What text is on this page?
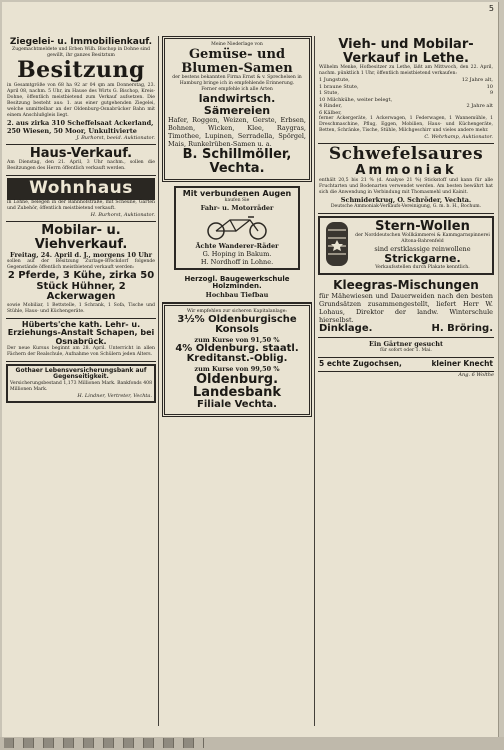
5
Ziegelei- u. Immobilienkauf.
Zugemachtmeldete und Erben Wilh. Bischop in Dohne sind gewillt, ihr ganzes Besitztum
Besitzung
in Gesamtgröße von 68 ha 92 ar 04 qm am Donnerstag, 23. April 08, nachm. 5 Uhr, im Hause des Wirts G. Bischop, Kreis-Dohne, öffentlich meistbietend zum Verkauf aufsetzen. Die Besitzung besteht aus: 1. aus einer gutgehenden Ziegelei, welche unmittelbar an der Oldenburg-Osnabrücker Bahn mit einem Anschlußgleis liegt.
2. aus zirka 310 Scheffelsaat Ackerland, 250 Wiesen, 50 Moor, Unkultivierte
J. Burhorst, beeid. Auktionator.
Haus-Verkauf.
Am Dienstag, den 21. April, 3 Uhr nachm., sollen die Besitzungen des Herrn öffentlich verkauft werden.
Wohnhaus
in Lohne, belegen in der Bahnhofstraße, mit Scheune, Garten und Zubehör, öffentlich meistbietend verkauft.
H. Burhorst, Auktionator.
Mobilar- u. Viehverkauf.
Freitag, 24. April d. J., morgens 10 Uhr
sollen auf der Besitzung Zurlage-Brockdorf folgende Gegenstände öffentlich meistbietend verkauft werden:
2 Pferde, 3 Kühe, zirka 50 Stück Hühner, 2 Ackerwagen
sowie Mobiliar, 1 Bettstelle, 1 Schrank, 1 Sofa, Tische und Stühle, Haus- und Küchengeräte.
Hüberts'che kath. Lehr- u. Erziehungs-Anstalt Schapen, bei Osnabrück.
Der neue Kursus beginnt am 28. April. Unterricht in allen Fächern der Realschule, Aufnahme von Schülern jeden Alters.
Gothaer Lebensversicherungsbank auf Gegenseitigkeit.
Versicherungsbestand 1,173 Millionen Mark. Bankfonds 408 Millionen Mark.
H. Lindner, Vertreter, Vechta.
Meine Niederlage von
Gemüse- und
Blumen-Samen
der bestens bekannten Firma Ernst & v. Sprechelsen in Hamburg bringe ich in empfehlende Erinnerung.
Ferner empfehle ich alle Arten
landwirtsch. Sämereien
Hafer, Roggen, Weizen, Gerste, Erbsen, Bohnen, Wicken, Klee, Raygras, Timothee, Lupinen, Serradella, Spörgel, Mais, Runkelrüben-Samen u. a.
B. Schillmöller, Vechta.
Mit verbundenen Augen
kaufen Sie
Fahr- u. Motorräder
Ächte Wanderer-Räder
G. Hoping in Bakum.
H. Nordhoff in Lohne.
Herzogl. Baugewerkschule Holzminden.
Hochbau Tiefbau
Wir empfehlen zur sicheren Kapitalanlage:
3½% Oldenburgische Konsols
zum Kurse von 91,50 %
4% Oldenburg. staatl. Kreditanst.-Oblig.
zum Kurse von 99,50 %
Oldenburg. Landesbank
Filiale Vechta.
Vieh- und Mobilar-Verkauf in Lethe.
Wilhelm Menke, Hofbesitzer zu Lethe, läßt am Mittwoch, den 22. April, nachm. pünktlich 1 Uhr, öffentlich meistbietend verkaufen:
1 Jungstute,	12 Jahre alt,
1 braune Stute,	10
1 Stute,	9
10 Milchkühe, weiter belegt,
4 Rinder,	2 Jahre alt
6 Kälber,
ferner Ackergeräte, 1 Ackerwagen, 1 Federwagen, 1 Wannemühle, 1 Dreschmaschine, Pflug, Eggen, Mobilien, Haus- und Küchengeräte, Betten, Schränke, Tische, Stühle, Milchgeschirr und vieles andere mehr.
C. Wehrhamp, Auktionator.
Schwefelsaures
Ammoniak
enthält 20,5 bis 21 % (d. Analyse 21 %) Stickstoff und kann für alle Fruchtarten und Bodenarten verwendet werden. Am besten bewährt hat sich die Anwendung in Verbindung mit Thomasmehl und Kainit.
Schmiderkrug, O. Schröder, Vechta.
Deutsche Ammoniak-Verkaufs-Vereinigung, G. m. b. H., Bochum.
Stern-Wollen
der Norddeutschen Wollkämmerei & Kammgarnspinnerei Altona-Bahrenfeld
sind erstklassige reinwollene
Strickgarne.
Verkaufsstellen durch Plakate kenntlich.
Kleegras-Mischungen
für Mähewiesen und Dauerweiden nach den besten Grundsätzen zusammengestellt, liefert Herr W. Lohaus, Direktor der landw. Winterschule hierselbst.
Dinklage.	H. Bröring.
Ein Gärtner gesucht
für sofort oder 1. Mai.
5 echte Zugochsen,	kleiner Knecht
Ang. 6 Wolthe
